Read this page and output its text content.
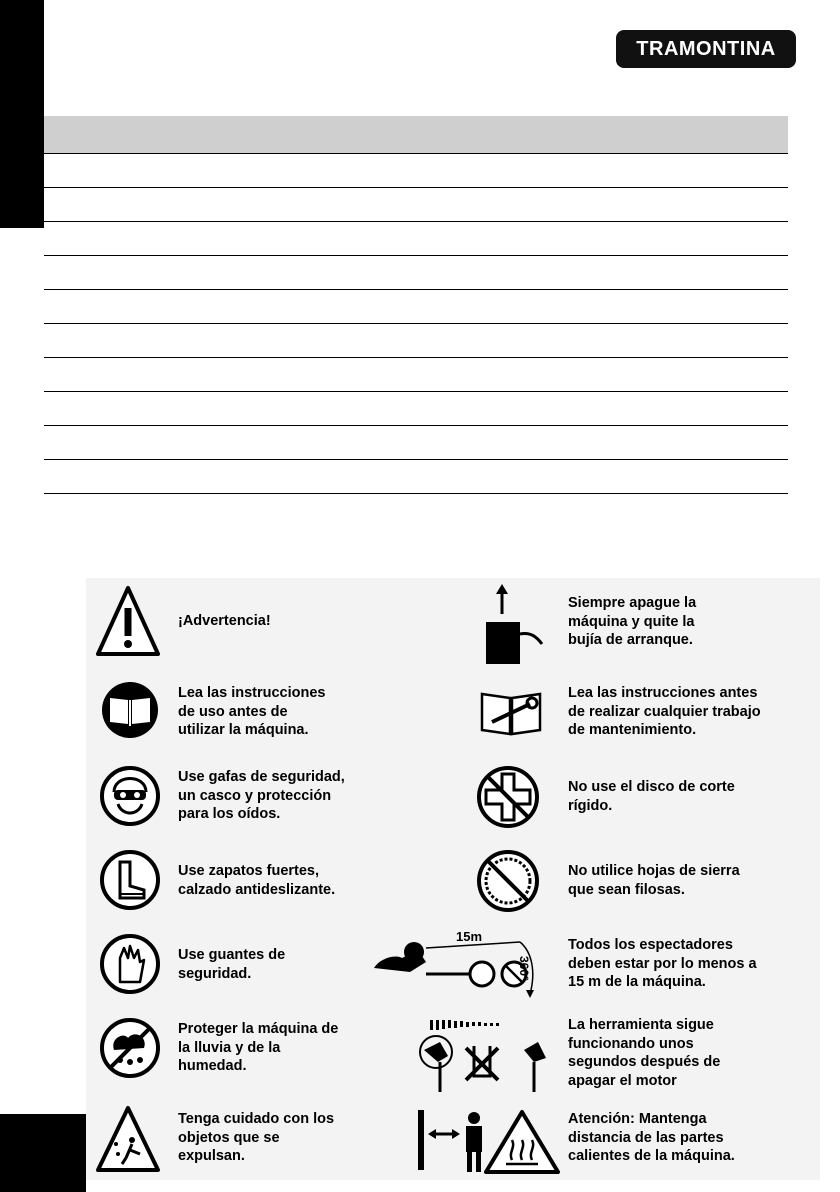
TRAMONTINA
¡Advertencia!
Lea las instrucciones
de uso antes de
utilizar la máquina.
Use gafas de seguridad,
un casco y protección
para los oídos.
Use zapatos fuertes,
calzado antideslizante.
Use guantes de
seguridad.
Proteger la máquina de
la lluvia y de la
humedad.
Tenga cuidado con los
objetos que se
expulsan.
Siempre apague la
máquina y quite la
bujía de arranque.
Lea las instrucciones antes
de realizar cualquier trabajo
de mantenimiento.
No use el disco de corte
rígido.
No utilice hojas de sierra
que sean filosas.
15m
360°
Todos los espectadores
deben estar por lo menos a
15 m de la máquina.
La herramienta sigue
funcionando unos
segundos después de
apagar el motor
Atención: Mantenga
distancia de las partes
calientes de la máquina.
